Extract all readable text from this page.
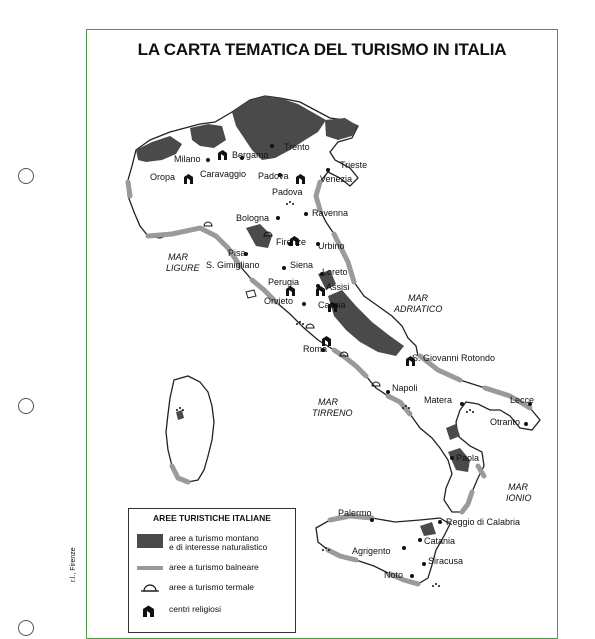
LA CARTA TEMATICA DEL TURISMO IN ITALIA
Trento
Bergamo
Milano
Oropa	Caravaggio Padova
Padova
Trieste
Venezia
Ravenna
Bologna
Firenze Urbino
Pisa
S. Gimigliano	Siena
Loreto
Perugia	Assisi
Orvieto	Cascia
Roma
S. Giovanni Rotondo
Napoli
Matera	Lecce
Otranto
Paola
Palermo
Reggio di Calabria
Catania
Agrigento
Siracusa
Noto
MAR
LIGURE
MAR
ADRIATICO
MAR
TIRRENO
MAR
IONIO
AREE TURISTICHE ITALIANE
aree a turismo montano
e di interesse naturalistico
aree a turismo balneare
aree a turismo termale
centri religiosi
r.l., Firenze
